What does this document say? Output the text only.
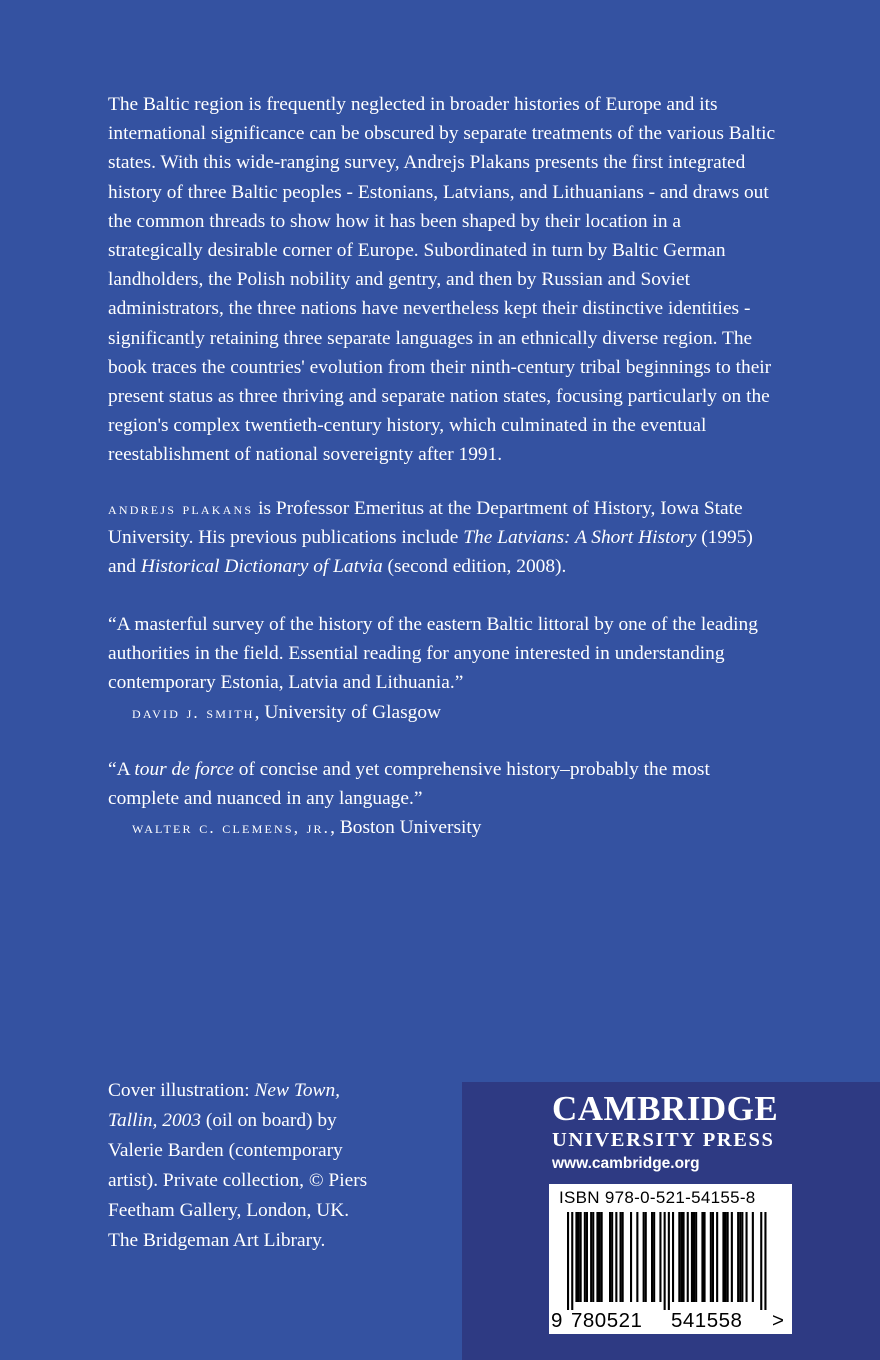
The Baltic region is frequently neglected in broader histories of Europe and its international significance can be obscured by separate treatments of the various Baltic states. With this wide-ranging survey, Andrejs Plakans presents the first integrated history of three Baltic peoples - Estonians, Latvians, and Lithuanians - and draws out the common threads to show how it has been shaped by their location in a strategically desirable corner of Europe. Subordinated in turn by Baltic German landholders, the Polish nobility and gentry, and then by Russian and Soviet administrators, the three nations have nevertheless kept their distinctive identities - significantly retaining three separate languages in an ethnically diverse region. The book traces the countries' evolution from their ninth-century tribal beginnings to their present status as three thriving and separate nation states, focusing particularly on the region's complex twentieth-century history, which culminated in the eventual reestablishment of national sovereignty after 1991.

andrejs plakans is Professor Emeritus at the Department of History, Iowa State University. His previous publications include The Latvians: A Short History (1995) and Historical Dictionary of Latvia (second edition, 2008).

“A masterful survey of the history of the eastern Baltic littoral by one of the leading authorities in the field. Essential reading for anyone interested in understanding contemporary Estonia, Latvia and Lithuania.”
david j. smith, University of Glasgow
“A tour de force of concise and yet comprehensive history–probably the most complete and nuanced in any language.”
walter c. clemens, jr., Boston University

Cover illustration: New Town, Tallin, 2003 (oil on board) by Valerie Barden (contemporary artist). Private collection, © Piers Feetham Gallery, London, UK. The Bridgeman Art Library.

CAMBRIDGE
UNIVERSITY PRESS
www.cambridge.org
ISBN 978-0-521-54155-8
9 780521 541558 >
